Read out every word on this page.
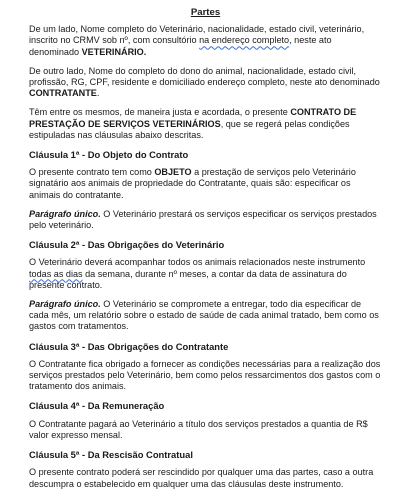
Partes

De um lado, Nome completo do Veterinário, nacionalidade, estado civil, veterinário, inscrito no CRMV sob nº, com consultório na endereço completo, neste ato denominado VETERINÁRIO.

De outro lado, Nome do completo do dono do animal, nacionalidade, estado civil, profissão, RG, CPF, residente e domiciliado endereço completo, neste ato denominado CONTRATANTE.

Têm entre os mesmos, de maneira justa e acordada, o presente CONTRATO DE PRESTAÇÃO DE SERVIÇOS VETERINÁRIOS, que se regerá pelas condições estipuladas nas cláusulas abaixo descritas.

Cláusula 1ª - Do Objeto do Contrato

O presente contrato tem como OBJETO a prestação de serviços pelo Veterinário signatário aos animais de propriedade do Contratante, quais são: especificar os animais do contratante.

Parágrafo único. O Veterinário prestará os serviços especificar os serviços prestados pelo veterinário.

Cláusula 2ª - Das Obrigações do Veterinário

O Veterinário deverá acompanhar todos os animais relacionados neste instrumento todas as dias da semana, durante nº meses, a contar da data de assinatura do presente contrato.

Parágrafo único. O Veterinário se compromete a entregar, todo dia especificar de cada mês, um relatório sobre o estado de saúde de cada animal tratado, bem como os gastos com tratamentos.

Cláusula 3ª - Das Obrigações do Contratante

O Contratante fica obrigado a fornecer as condições necessárias para a realização dos serviços prestados pelo Veterinário, bem como pelos ressarcimentos dos gastos com o tratamento dos animais.

Cláusula 4ª - Da Remuneração

O Contratante pagará ao Veterinário a título dos serviços prestados a quantia de R$ valor expresso mensal.

Cláusula 5ª - Da Rescisão Contratual

O presente contrato poderá ser rescindido por qualquer uma das partes, caso a outra descumpra o estabelecido em qualquer uma das cláusulas deste instrumento.
